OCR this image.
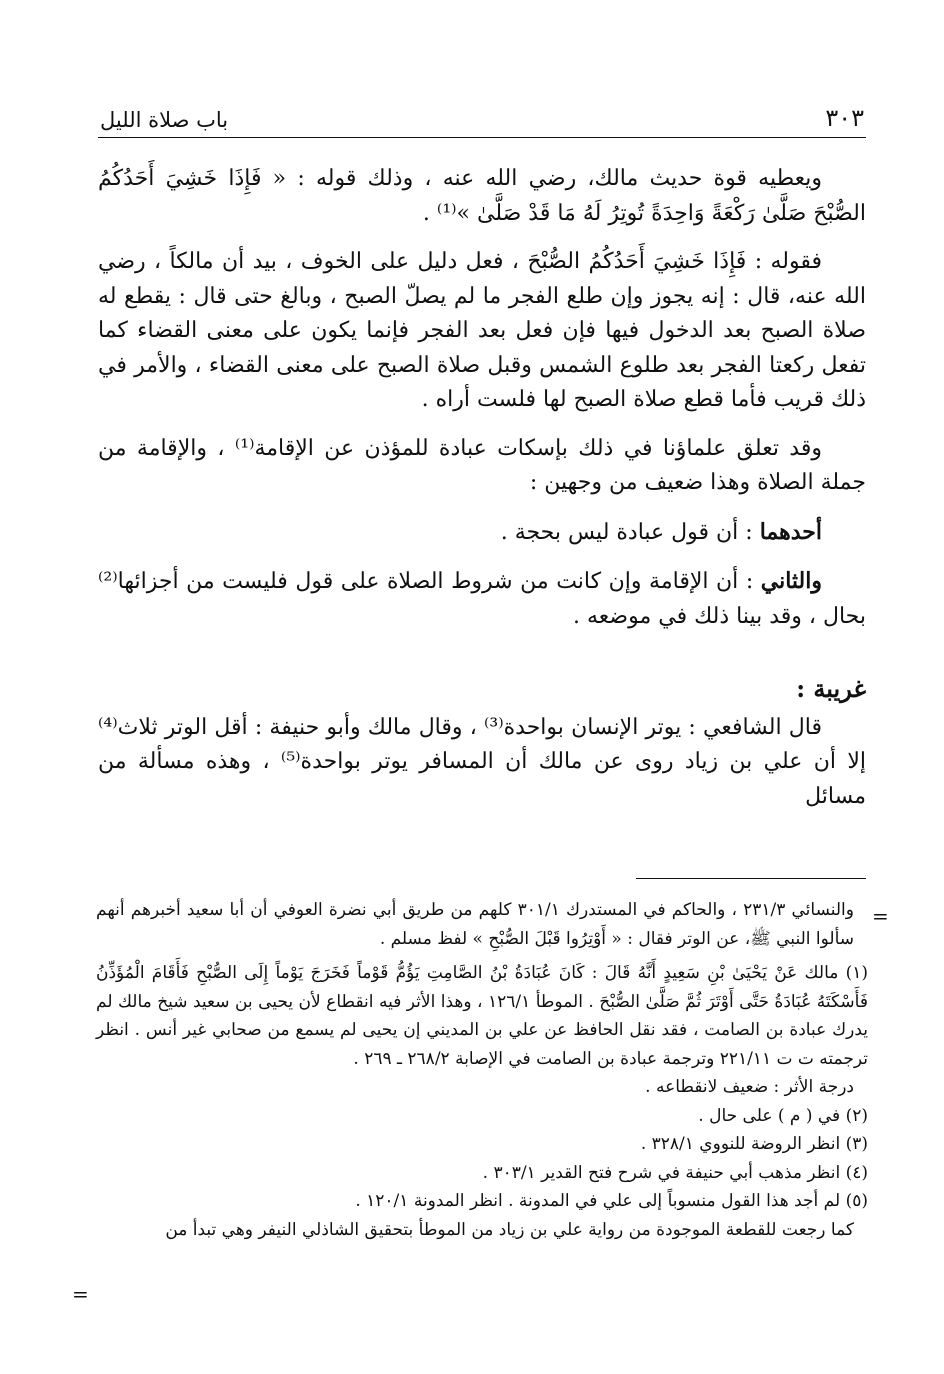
باب صلاة الليل	٣٠٣

ويعطيه قوة حديث مالك، رضي الله عنه ، وذلك قوله : « فَإِذَا خَشِيَ أَحَدُكُمُ الصُّبْحَ صَلَّىٰ رَكْعَةً وَاحِدَةً تُوتِرُ لَهُ مَا قَدْ صَلَّىٰ »⁽¹⁾ .

فقوله : فَإِذَا خَشِيَ أَحَدُكُمُ الصُّبْحَ ، فعل دليل على الخوف ، بيد أن مالكاً ، رضي الله عنه، قال : إنه يجوز وإن طلع الفجر ما لم يصلّ الصبح ، وبالغ حتى قال : يقطع له صلاة الصبح بعد الدخول فيها فإن فعل بعد الفجر فإنما يكون على معنى القضاء كما تفعل ركعتا الفجر بعد طلوع الشمس وقبل صلاة الصبح على معنى القضاء ، والأمر في ذلك قريب فأما قطع صلاة الصبح لها فلست أراه .

وقد تعلق علماؤنا في ذلك بإسكات عبادة للمؤذن عن الإقامة⁽¹⁾ ، والإقامة من جملة الصلاة وهذا ضعيف من وجهين :

أحدهما : أن قول عبادة ليس بحجة .

والثاني : أن الإقامة وإن كانت من شروط الصلاة على قول فليست من أجزائها⁽²⁾ بحال ، وقد بينا ذلك في موضعه .

غريبة :

قال الشافعي : يوتر الإنسان بواحدة⁽³⁾ ، وقال مالك وأبو حنيفة : أقل الوتر ثلاث⁽⁴⁾ إلا أن علي بن زياد روى عن مالك أن المسافر يوتر بواحدة⁽⁵⁾ ، وهذه مسألة من مسائل

=

والنسائي ٢٣١/٣ ، والحاكم في المستدرك ٣٠١/١ كلهم من طريق أبي نضرة العوفي أن أبا سعيد أخبرهم أنهم سألوا النبي ﷺ، عن الوتر فقال : « أَوْتِرُوا قَبْلَ الصُّبْحِ » لفظ مسلم .

(١) مالك عَنْ يَحْيَىٰ بْنِ سَعِيدٍ أَنَّهُ قَالَ : كَانَ عُبَادَةُ بْنُ الصَّامِتِ يَؤُمُّ قَوْماً فَخَرَجَ يَوْماً إِلَى الصُّبْحِ فَأَقَامَ الْمُؤَذِّنُ فَأَسْكَتَهُ عُبَادَةُ حَتَّى أَوْتَرَ ثُمَّ صَلَّىٰ الصُّبْحَ . الموطأ ١٢٦/١ ، وهذا الأثر فيه انقطاع لأن يحيى بن سعيد شيخ مالك لم يدرك عبادة بن الصامت ، فقد نقل الحافظ عن علي بن المديني إن يحيى لم يسمع من صحابي غير أنس . انظر ترجمته ت ت ٢٢١/١١ وترجمة عبادة بن الصامت في الإصابة ٢٦٨/٢ ـ ٢٦٩ .

درجة الأثر : ضعيف لانقطاعه .

(٢) في ( م ) على حال .

(٣) انظر الروضة للنووي ٣٢٨/١ .

(٤) انظر مذهب أبي حنيفة في شرح فتح القدير ٣٠٣/١ .

(٥) لم أجد هذا القول منسوباً إلى علي في المدونة . انظر المدونة ١٢٠/١ .

كما رجعت للقطعة الموجودة من رواية علي بن زياد من الموطأ بتحقيق الشاذلي النيفر وهي تبدأ من

=
